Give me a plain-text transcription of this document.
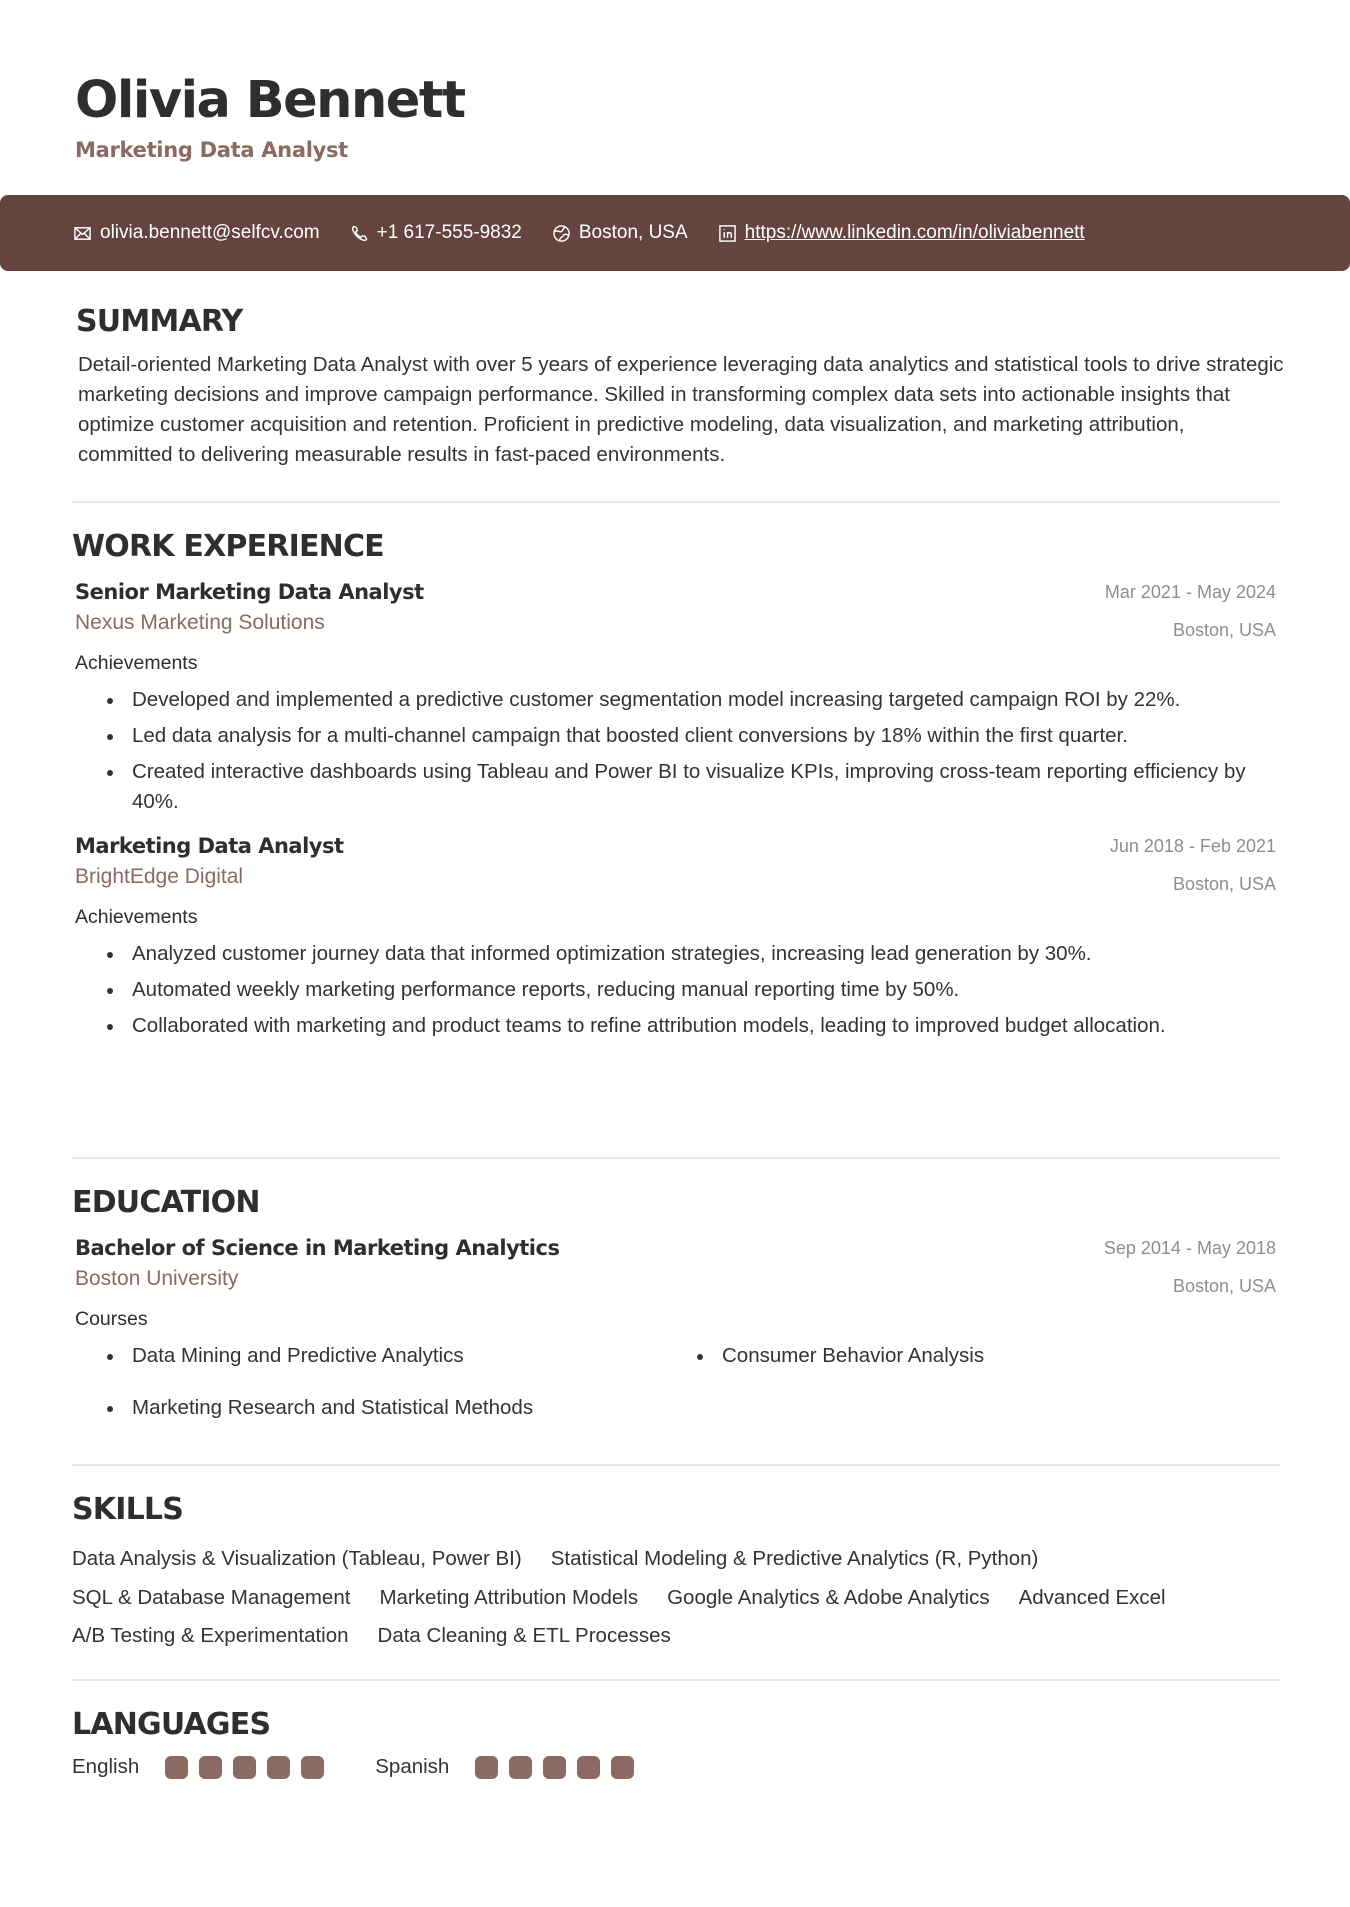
Olivia Bennett
Marketing Data Analyst
olivia.bennett@selfcv.com	+1 617-555-9832	Boston, USA	https://www.linkedin.com/in/oliviabennett
SUMMARY
Detail-oriented Marketing Data Analyst with over 5 years of experience leveraging data analytics and statistical tools to drive strategic marketing decisions and improve campaign performance. Skilled in transforming complex data sets into actionable insights that optimize customer acquisition and retention. Proficient in predictive modeling, data visualization, and marketing attribution, committed to delivering measurable results in fast-paced environments.
WORK EXPERIENCE
Senior Marketing Data Analyst	Mar 2021 - May 2024
Nexus Marketing Solutions	Boston, USA
Achievements
Developed and implemented a predictive customer segmentation model increasing targeted campaign ROI by 22%.
Led data analysis for a multi-channel campaign that boosted client conversions by 18% within the first quarter.
Created interactive dashboards using Tableau and Power BI to visualize KPIs, improving cross-team reporting efficiency by 40%.
Marketing Data Analyst	Jun 2018 - Feb 2021
BrightEdge Digital	Boston, USA
Achievements
Analyzed customer journey data that informed optimization strategies, increasing lead generation by 30%.
Automated weekly marketing performance reports, reducing manual reporting time by 50%.
Collaborated with marketing and product teams to refine attribution models, leading to improved budget allocation.
EDUCATION
Bachelor of Science in Marketing Analytics	Sep 2014 - May 2018
Boston University	Boston, USA
Courses
Data Mining and Predictive Analytics	Consumer Behavior Analysis
Marketing Research and Statistical Methods
SKILLS
Data Analysis & Visualization (Tableau, Power BI) Statistical Modeling & Predictive Analytics (R, Python)
SQL & Database Management Marketing Attribution Models Google Analytics & Adobe Analytics Advanced Excel
A/B Testing & Experimentation Data Cleaning & ETL Processes
LANGUAGES
English	Spanish
